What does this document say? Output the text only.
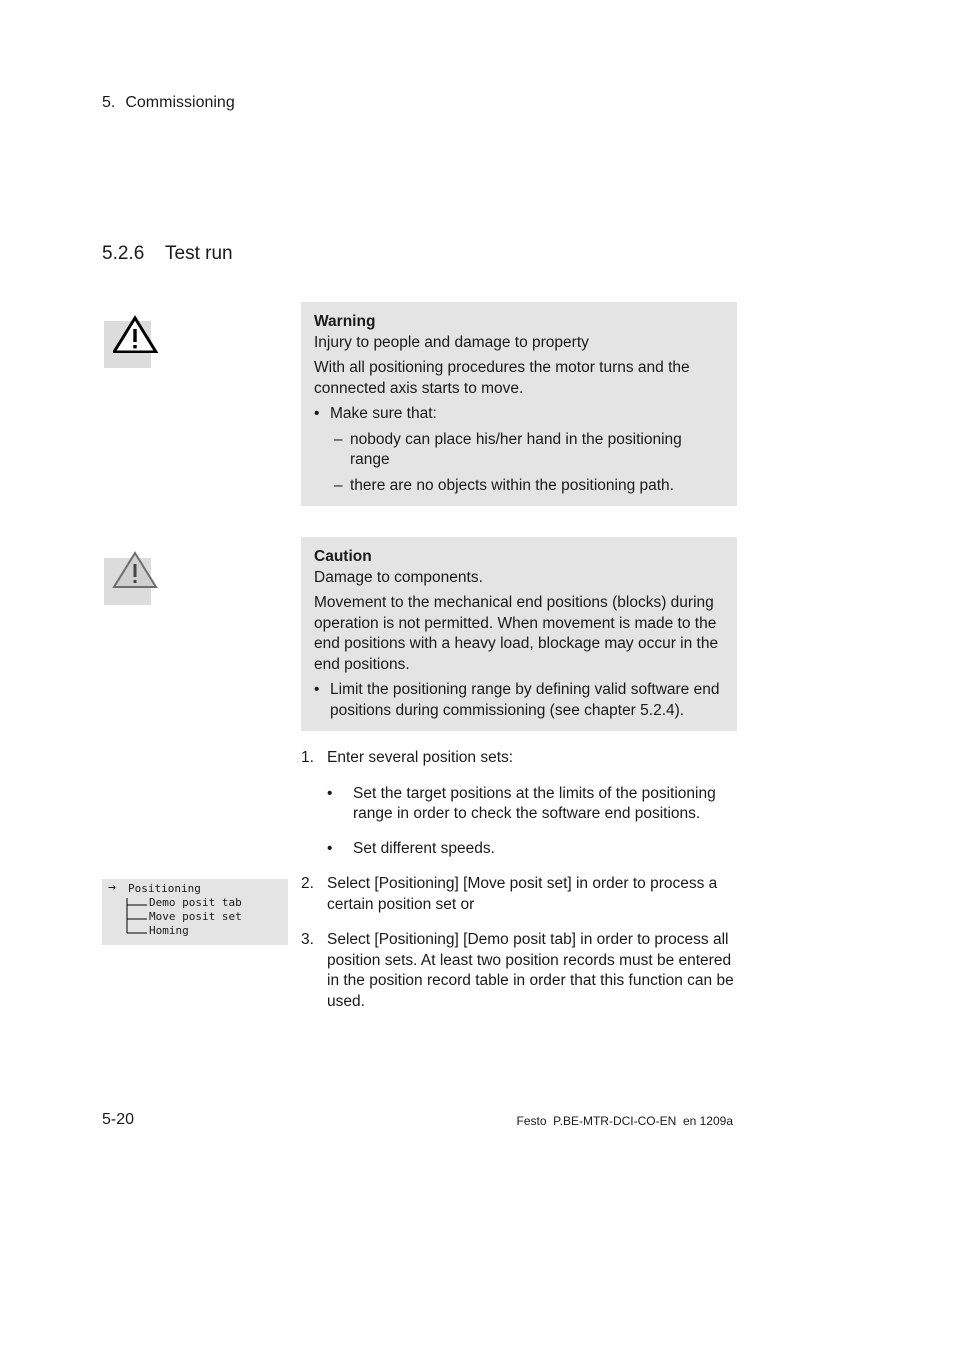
5. Commissioning
5.2.6 Test run

Warning

Injury to people and damage to property

With all positioning procedures the motor turns and the connected axis starts to move.

• Make sure that:
– nobody can place his/her hand in the positioning range
– there are no objects within the positioning path.

Caution

Damage to components.

Movement to the mechanical end positions (blocks) during operation is not permitted. When movement is made to the end positions with a heavy load, blockage may occur in the end positions.

• Limit the positioning range by defining valid software end positions during commissioning (see chapter 5.2.4).
1. Enter several position sets:
• Set the target positions at the limits of the positioning range in order to check the software end positions.
• Set different speeds.
2. Select [Positioning] [Move posit set] in order to process a certain position set or
3. Select [Positioning] [Demo posit tab] in order to process all position sets. At least two position records must be entered in the position record table in order that this function can be used.
→ Positioning
Demo posit tab
Move posit set
Homing
5-20	Festo  P.BE-MTR-DCI-CO-EN  en 1209a
